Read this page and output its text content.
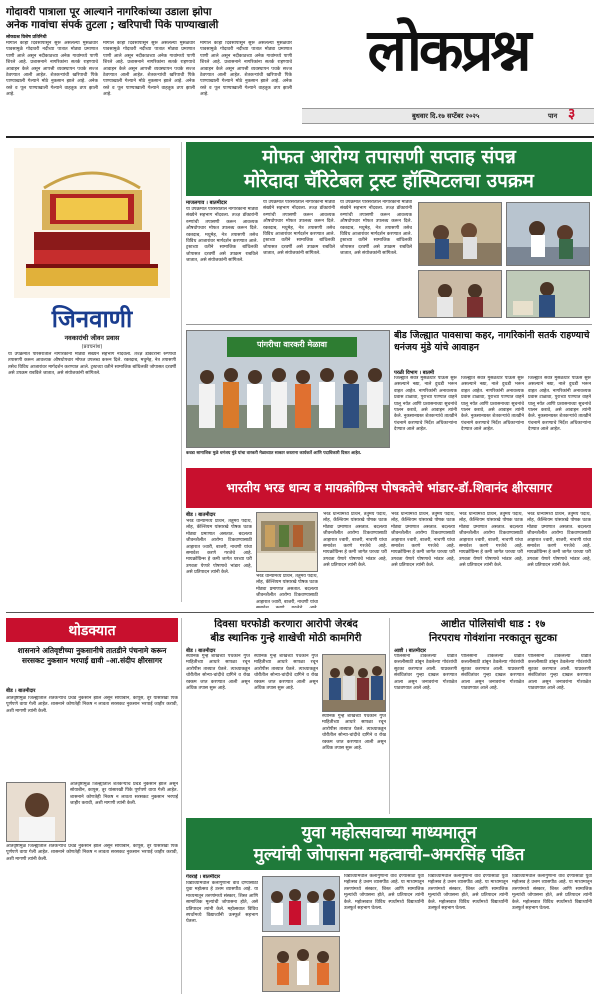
गोदावरी पात्राला पूर आल्याने नागरिकांच्या उडाला झोपा
अनेक गावांचा संपर्क तुटला ; खरिपाची पिके पाण्याखाली
लोकप्रश्न विशेष प्रतिनिधी
मागील काही दिवसांपासून सुरू असलेल्या मुसळधार पावसामुळे गोदावरी नदीच्या पात्रात मोठ्या प्रमाणात पाणी आले असून नदीकाठच्या अनेक गावांमध्ये पाणी शिरले आहे. प्रशासनाने नागरिकांना सतर्क राहण्याचे आवाहन केले असून आपत्ती व्यवस्थापन पथके सज्ज ठेवण्यात आली आहेत. शेतकऱ्यांची खरिपाची पिके पाण्याखाली गेल्याने मोठे नुकसान झाले आहे. अनेक रस्ते व पूल पाण्याखाली गेल्याने वाहतूक ठप्प झाली आहे.
मागील काही दिवसांपासून सुरू असलेल्या मुसळधार पावसामुळे गोदावरी नदीच्या पात्रात मोठ्या प्रमाणात पाणी आले असून नदीकाठच्या अनेक गावांमध्ये पाणी शिरले आहे. प्रशासनाने नागरिकांना सतर्क राहण्याचे आवाहन केले असून आपत्ती व्यवस्थापन पथके सज्ज ठेवण्यात आली आहेत. शेतकऱ्यांची खरिपाची पिके पाण्याखाली गेल्याने मोठे नुकसान झाले आहे. अनेक रस्ते व पूल पाण्याखाली गेल्याने वाहतूक ठप्प झाली आहे.
मागील काही दिवसांपासून सुरू असलेल्या मुसळधार पावसामुळे गोदावरी नदीच्या पात्रात मोठ्या प्रमाणात पाणी आले असून नदीकाठच्या अनेक गावांमध्ये पाणी शिरले आहे. प्रशासनाने नागरिकांना सतर्क राहण्याचे आवाहन केले असून आपत्ती व्यवस्थापन पथके सज्ज ठेवण्यात आली आहेत. शेतकऱ्यांची खरिपाची पिके पाण्याखाली गेल्याने मोठे नुकसान झाले आहे. अनेक रस्ते व पूल पाण्याखाली गेल्याने वाहतूक ठप्प झाली आहे.
लोकप्रश्न
बुधवार दि.१७ सप्टेंबर २०२५	पान ३
जिनवाणी
नवकारांची जीवन प्रवास
(प्रवचनांश)
या उपक्रमात परिसरातील नागरिकांनी मोठ्या संख्येने सहभाग नोंदवला. तज्ज्ञ डॉक्टरांनी रुग्णांची तपासणी करून आवश्यक औषधोपचार मोफत उपलब्ध करून दिले. रक्तदाब, मधुमेह, नेत्र तपासणी तसेच विविध आजारांवर मार्गदर्शन करण्यात आले. ट्रस्टच्या वतीने सामाजिक बांधिलकी जोपासत दरवर्षी असे उपक्रम राबविले जातात, असे संयोजकांनी सांगितले.
मोफत आरोग्य तपासणी सप्ताह संपन्न
मोरेदादा चॅरिटेबल ट्रस्ट हॉस्पिटलचा उपक्रम
माजलगाव । बातमीदार
या उपक्रमात परिसरातील नागरिकांनी मोठ्या संख्येने सहभाग नोंदवला. तज्ज्ञ डॉक्टरांनी रुग्णांची तपासणी करून आवश्यक औषधोपचार मोफत उपलब्ध करून दिले. रक्तदाब, मधुमेह, नेत्र तपासणी तसेच विविध आजारांवर मार्गदर्शन करण्यात आले. ट्रस्टच्या वतीने सामाजिक बांधिलकी जोपासत दरवर्षी असे उपक्रम राबविले जातात, असे संयोजकांनी सांगितले.
या उपक्रमात परिसरातील नागरिकांनी मोठ्या संख्येने सहभाग नोंदवला. तज्ज्ञ डॉक्टरांनी रुग्णांची तपासणी करून आवश्यक औषधोपचार मोफत उपलब्ध करून दिले. रक्तदाब, मधुमेह, नेत्र तपासणी तसेच विविध आजारांवर मार्गदर्शन करण्यात आले. ट्रस्टच्या वतीने सामाजिक बांधिलकी जोपासत दरवर्षी असे उपक्रम राबविले जातात, असे संयोजकांनी सांगितले.
या उपक्रमात परिसरातील नागरिकांनी मोठ्या संख्येने सहभाग नोंदवला. तज्ज्ञ डॉक्टरांनी रुग्णांची तपासणी करून आवश्यक औषधोपचार मोफत उपलब्ध करून दिले. रक्तदाब, मधुमेह, नेत्र तपासणी तसेच विविध आजारांवर मार्गदर्शन करण्यात आले. ट्रस्टच्या वतीने सामाजिक बांधिलकी जोपासत दरवर्षी असे उपक्रम राबविले जातात, असे संयोजकांनी सांगितले.
पांगरीचा वारकरी मेळावा
कवडा सामाजिक मुळे धनंजय मुंडे यांचा वारकरी मेळाव्यात सत्कार करताना कार्यकर्ते आणि पदाधिकारी दिसत आहेत.
बीड जिल्ह्यात पावसाचा कहर, नागरिकांनी सतर्क राहण्याचे धनंजय मुंडे यांचे आवाहन
परळी विभाग । बातमी
जिल्ह्यात सर्वत्र मुसळधार पाऊस सुरू असल्याने नद्या, नाले दुथडी भरून वाहत आहेत. नागरिकांनी अनावश्यक प्रवास टाळावा, पुराच्या पाण्यात वाहने घालू नयेत आणि प्रशासनाच्या सूचनांचे पालन करावे, असे आवाहन त्यांनी केले. नुकसानग्रस्त शेतकऱ्यांचे तातडीने पंचनामे करण्याचे निर्देश अधिकाऱ्यांना देण्यात आले आहेत.
जिल्ह्यात सर्वत्र मुसळधार पाऊस सुरू असल्याने नद्या, नाले दुथडी भरून वाहत आहेत. नागरिकांनी अनावश्यक प्रवास टाळावा, पुराच्या पाण्यात वाहने घालू नयेत आणि प्रशासनाच्या सूचनांचे पालन करावे, असे आवाहन त्यांनी केले. नुकसानग्रस्त शेतकऱ्यांचे तातडीने पंचनामे करण्याचे निर्देश अधिकाऱ्यांना देण्यात आले आहेत.
जिल्ह्यात सर्वत्र मुसळधार पाऊस सुरू असल्याने नद्या, नाले दुथडी भरून वाहत आहेत. नागरिकांनी अनावश्यक प्रवास टाळावा, पुराच्या पाण्यात वाहने घालू नयेत आणि प्रशासनाच्या सूचनांचे पालन करावे, असे आवाहन त्यांनी केले. नुकसानग्रस्त शेतकऱ्यांचे तातडीने पंचनामे करण्याचे निर्देश अधिकाऱ्यांना देण्यात आले आहेत.
भारतीय भरड धान्य व मायक्रोग्रिन्स पोषकतेचे भांडार-डॉ.शिवानंद क्षीरसागर
बीड । बातमीदार
भरड धान्यांमध्ये प्रथिने, तंतुमय पदार्थ, लोह, कॅल्शियम यांसारखे पोषक घटक मोठ्या प्रमाणात असतात. बदलत्या जीवनशैलीत आरोग्य टिकवण्यासाठी आहारात ज्वारी, बाजरी, नाचणी यांचा समावेश करणे गरजेचे आहे. मायक्रोग्रिन्स हे कमी जागेत घरच्या घरी उगवता येणारे पोषणाचे भांडार आहे, असे प्रतिपादन त्यांनी केले.
भरड धान्यांमध्ये प्रथिने, तंतुमय पदार्थ, लोह, कॅल्शियम यांसारखे पोषक घटक मोठ्या प्रमाणात असतात. बदलत्या जीवनशैलीत आरोग्य टिकवण्यासाठी आहारात ज्वारी, बाजरी, नाचणी यांचा
भरड धान्यांमध्ये प्रथिने, तंतुमय पदार्थ, लोह, कॅल्शियम यांसारखे पोषक घटक मोठ्या प्रमाणात असतात. बदलत्या जीवनशैलीत आरोग्य टिकवण्यासाठी आहारात ज्वारी, बाजरी, नाचणी यांचा समावेश करणे गरजेचे आहे. मायक्रोग्रिन्स हे कमी जागेत घरच्या घरी उगवता येणारे पोषणाचे भांडार आहे, असे प्रतिपादन त्यांनी केले.
भरड धान्यांमध्ये प्रथिने, तंतुमय पदार्थ, लोह, कॅल्शियम यांसारखे पोषक घटक मोठ्या प्रमाणात असतात. बदलत्या जीवनशैलीत आरोग्य टिकवण्यासाठी आहारात ज्वारी, बाजरी, नाचणी यांचा समावेश करणे गरजेचे आहे. मायक्रोग्रिन्स हे कमी जागेत घरच्या घरी उगवता येणारे पोषणाचे भांडार आहे, असे प्रतिपादन त्यांनी केले.
भरड धान्यांमध्ये प्रथिने, तंतुमय पदार्थ, लोह, कॅल्शियम यांसारखे पोषक घटक मोठ्या प्रमाणात असतात. बदलत्या जीवनशैलीत आरोग्य टिकवण्यासाठी आहारात ज्वारी, बाजरी, नाचणी यांचा समावेश करणे गरजेचे आहे. मायक्रोग्रिन्स हे कमी जागेत घरच्या घरी उगवता येणारे पोषणाचे भांडार आहे, असे प्रतिपादन त्यांनी केले.
भरड धान्यांमध्ये प्रथिने, तंतुमय पदार्थ, लोह, कॅल्शियम यांसारखे पोषक घटक मोठ्या प्रमाणात असतात. बदलत्या जीवनशैलीत आरोग्य टिकवण्यासाठी आहारात ज्वारी, बाजरी, नाचणी यांचा समावेश करणे गरजेचे आहे. मायक्रोग्रिन्स हे कमी जागेत घरच्या घरी उगवता येणारे पोषणाचे भांडार आहे, असे प्रतिपादन त्यांनी केले.
थोडक्यात
शासनाने अतिवृष्टीच्या नुकसानीचे तातडीने पंचनामे करून सरसकट नुकसान भरपाई द्यावी –आ.संदीप क्षीरसागर
बीड । बातमीदार
अतिवृष्टीमुळे जिल्ह्यातील शेतकऱ्यांचे प्रचंड नुकसान झाले असून सोयाबीन, कापूस, तूर यांसारखी पिके पूर्णपणे वाया गेली आहेत. शासनाने कोणतेही निकष न लावता सरसकट नुकसान भरपाई जाहीर करावी, अशी मागणी त्यांनी केली.
अतिवृष्टीमुळे जिल्ह्यातील शेतकऱ्यांचे प्रचंड नुकसान झाले असून सोयाबीन, कापूस, तूर यांसारखी पिके पूर्णपणे वाया गेली आहेत. शासनाने कोणतेही निकष न लावता सरसकट नुकसान भरपाई जाहीर करावी, अशी मागणी त्यांनी केली.
अतिवृष्टीमुळे जिल्ह्यातील शेतकऱ्यांचे प्रचंड नुकसान झाले असून सोयाबीन, कापूस, तूर यांसारखी पिके पूर्णपणे वाया गेली आहेत. शासनाने कोणतेही निकष न लावता सरसकट नुकसान भरपाई जाहीर करावी, अशी मागणी त्यांनी केली.
दिवसा घरफोडी करणारा आरोपी जेरबंद
बीड स्थानिक गुन्हे शाखेची मोठी कामगिरी
बीड । बातमीदार
स्थानिक गुन्हे शाखेच्या पथकाने गुप्त माहितीच्या आधारे सापळा रचून आरोपीस ताब्यात घेतले. त्याच्याकडून चोरीतील सोन्या-चांदीचे दागिने व रोख रक्कम जप्त करण्यात आली असून अधिक तपास सुरू आहे.
स्थानिक गुन्हे शाखेच्या पथकाने गुप्त माहितीच्या आधारे सापळा रचून आरोपीस ताब्यात घेतले. त्याच्याकडून चोरीतील सोन्या-चांदीचे दागिने व रोख रक्कम जप्त करण्यात आली असून अधिक तपास सुरू आहे.
स्थानिक गुन्हे शाखेच्या पथकाने गुप्त माहितीच्या आधारे सापळा रचून आरोपीस ताब्यात घेतले. त्याच्याकडून चोरीतील सोन्या-चांदीचे दागिने व रोख रक्कम जप्त करण्यात आली असून अधिक तपास सुरू आहे.
आष्टीत पोलिसांची धाड : १७
निरपराध गोवंशांना नरकातून सुटका
आष्टी । बातमीदार
पोलिसांनी टाकलेल्या धाडीत कत्तलीसाठी डांबून ठेवलेल्या गोवंशांची सुटका करण्यात आली. याप्रकरणी संबंधितांवर गुन्हा दाखल करण्यात आला असून जनावरांना गोशाळेत पाठवण्यात आले आहे.
पोलिसांनी टाकलेल्या धाडीत कत्तलीसाठी डांबून ठेवलेल्या गोवंशांची सुटका करण्यात आली. याप्रकरणी संबंधितांवर गुन्हा दाखल करण्यात आला असून जनावरांना गोशाळेत पाठवण्यात आले आहे.
पोलिसांनी टाकलेल्या धाडीत कत्तलीसाठी डांबून ठेवलेल्या गोवंशांची सुटका करण्यात आली. याप्रकरणी संबंधितांवर गुन्हा दाखल करण्यात आला असून जनावरांना गोशाळेत पाठवण्यात आले आहे.
युवा महोत्सवाच्या माध्यमातून
मुल्यांची जोपासना महत्वाची–अमरसिंह पंडित
गेवराई । बातमीदार
विद्यार्थ्यांमधील कलागुणांना वाव देण्यासाठी युवा महोत्सव हे उत्तम व्यासपीठ आहे. या माध्यमातून तरुणांमध्ये संस्कार, शिस्त आणि सामाजिक मूल्यांची जोपासना होते, असे प्रतिपादन त्यांनी केले. महोत्सवात विविध स्पर्धांमध्ये विद्यार्थ्यांनी उत्स्फूर्त सहभाग घेतला.
विद्यार्थ्यांमधील कलागुणांना वाव देण्यासाठी युवा महोत्सव हे उत्तम व्यासपीठ आहे. या माध्यमातून तरुणांमध्ये संस्कार, शिस्त आणि सामाजिक मूल्यांची जोपासना होते, असे प्रतिपादन त्यांनी केले. महोत्सवात विविध स्पर्धांमध्ये विद्यार्थ्यांनी उत्स्फूर्त सहभाग घेतला.
विद्यार्थ्यांमधील कलागुणांना वाव देण्यासाठी युवा महोत्सव हे उत्तम व्यासपीठ आहे. या माध्यमातून तरुणांमध्ये संस्कार, शिस्त आणि सामाजिक मूल्यांची जोपासना होते, असे प्रतिपादन त्यांनी केले. महोत्सवात विविध स्पर्धांमध्ये विद्यार्थ्यांनी उत्स्फूर्त सहभाग घेतला.
विद्यार्थ्यांमधील कलागुणांना वाव देण्यासाठी युवा महोत्सव हे उत्तम व्यासपीठ आहे. या माध्यमातून तरुणांमध्ये संस्कार, शिस्त आणि सामाजिक मूल्यांची जोपासना होते, असे प्रतिपादन त्यांनी केले. महोत्सवात विविध स्पर्धांमध्ये विद्यार्थ्यांनी उत्स्फूर्त सहभाग घेतला.
